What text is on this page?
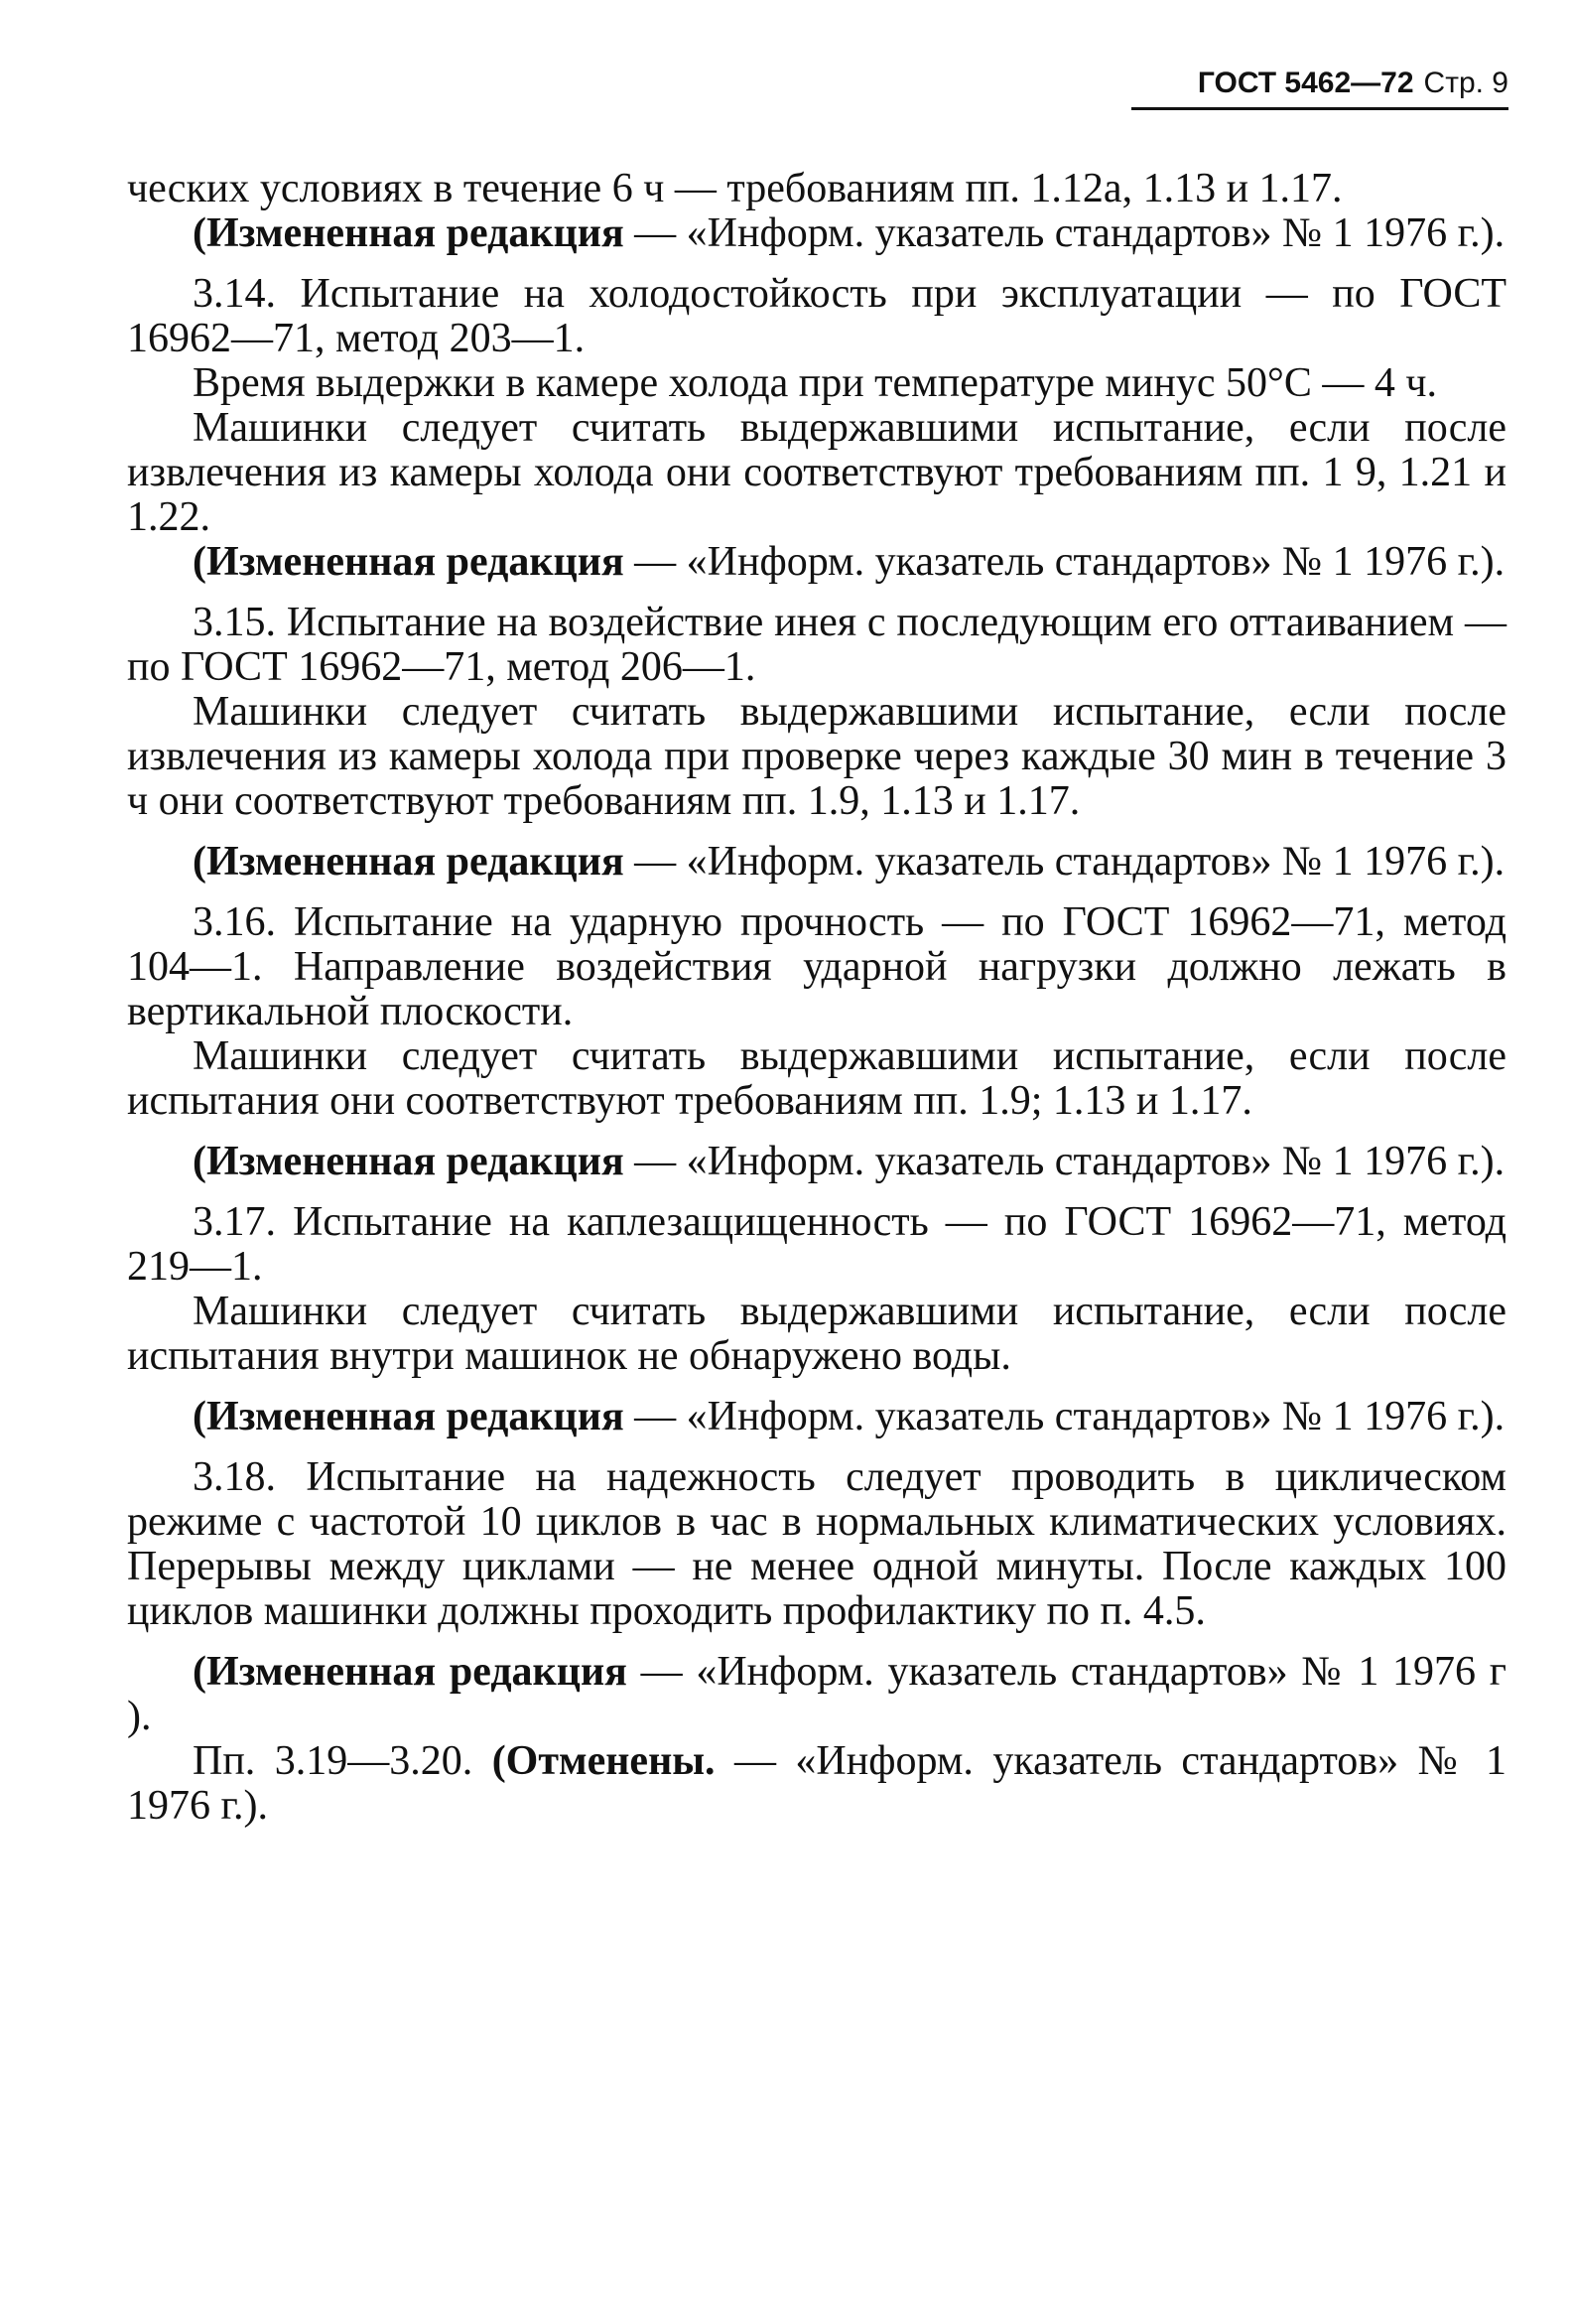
ГОСТ 5462—72 Стр. 9

ческих условиях в течение 6 ч — требованиям пп. 1.12а, 1.13 и 1.17.

(Измененная редакция — «Информ. указатель стандартов» № 1 1976 г.).

3.14. Испытание на холодостойкость при эксплуатации — по ГОСТ 16962—71, метод 203—1.

Время выдержки в камере холода при температуре минус 50°С — 4 ч.

Машинки следует считать выдержавшими испытание, если после извлечения из камеры холода они соответствуют требованиям пп. 1 9, 1.21 и 1.22.

(Измененная редакция — «Информ. указатель стандартов» № 1 1976 г.).

3.15. Испытание на воздействие инея с последующим его оттаиванием — по ГОСТ 16962—71, метод 206—1.

Машинки следует считать выдержавшими испытание, если после извлечения из камеры холода при проверке через каждые 30 мин в течение 3 ч они соответствуют требованиям пп. 1.9, 1.13 и 1.17.

(Измененная редакция — «Информ. указатель стандартов» № 1 1976 г.).

3.16. Испытание на ударную прочность — по ГОСТ 16962—71, метод 104—1. Направление воздействия ударной нагрузки должно лежать в вертикальной плоскости.

Машинки следует считать выдержавшими испытание, если после испытания они соответствуют требованиям пп. 1.9; 1.13 и 1.17.

(Измененная редакция — «Информ. указатель стандартов» № 1 1976 г.).

3.17. Испытание на каплезащищенность — по ГОСТ 16962—71, метод 219—1.

Машинки следует считать выдержавшими испытание, если после испытания внутри машинок не обнаружено воды.

(Измененная редакция — «Информ. указатель стандартов» № 1 1976 г.).

3.18. Испытание на надежность следует проводить в циклическом режиме с частотой 10 циклов в час в нормальных климатических условиях. Перерывы между циклами — не менее одной минуты. После каждых 100 циклов машинки должны проходить профилактику по п. 4.5.

(Измененная редакция — «Информ. указатель стандартов» № 1 1976 г ).

Пп. 3.19—3.20. (Отменены. — «Информ. указатель стандартов» № 1 1976 г.).
